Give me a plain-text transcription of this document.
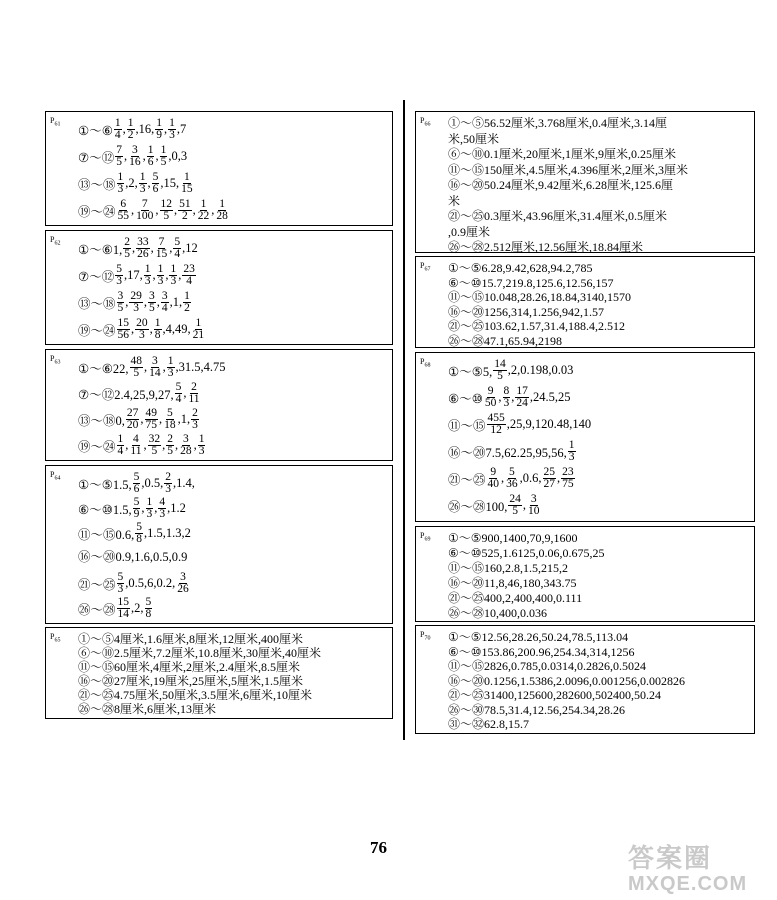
$P_{61}$ ①～⑥ $\frac{1}{4}$ , $\frac{1}{2} ,16$, $\frac{1}{9}$ , $\frac{1}{3} ,7$
⑦～⑫ $\frac{7}{5}$ , $\frac{3}{16}$ , $\frac{1}{6}$ , $\frac{1}{5} ,0,3$
⑬～⑱ $\frac{1}{3} ,2$, $\frac{1}{3}$ , $\frac{5}{6} ,15$, $\frac{1}{15}$
⑲～㉔ $\frac{6}{55}$ , $\frac{7}{100}$ , $\frac{12}{5}$ , $\frac{51}{2}$ , $\frac{1}{22}$ , $\frac{1}{28}$
$P_{62}$ ①～⑥1, $\frac{2}{5}$ , $\frac{33}{26}$ , $\frac{7}{15}$ , $\frac{5}{4} ,12$
⑦～⑫ $\frac{5}{3} ,17$, $\frac{1}{3}$ , $\frac{1}{3}$ , $\frac{1}{3}$ , $\frac{23}{4}$
⑬～⑱ $\frac{3}{5}$ , $\frac{29}{3}$ , $\frac{3}{5}$ , $\frac{3}{4} ,1$, $\frac{1}{2}$
⑲～㉔ $\frac{15}{56}$ , $\frac{20}{3}$ , $\frac{1}{8} ,4,49$, $\frac{1}{21}$
$P_{63}$ ①～⑥22, $\frac{48}{5}$ , $\frac{3}{14}$ , $\frac{1}{3} ,31.5,4.75$
⑦～⑫2.4,25,9,27, $\frac{5}{4}$ , $\frac{2}{11}$
⑬～⑱0, $\frac{27}{20}$ , $\frac{49}{75}$ , $\frac{5}{18} ,1$, $\frac{2}{3}$
⑲～㉔ $\frac{1}{4}$ , $\frac{4}{11}$ , $\frac{32}{5}$ , $\frac{2}{5}$ , $\frac{3}{28}$ , $\frac{1}{3}$
$P_{64}$ ①～⑤1.5, $\frac{5}{6} ,0.5$, $\frac{2}{3} ,1.4$,
⑥～⑩1.5, $\frac{5}{9}$ , $\frac{1}{3}$ , $\frac{4}{3} ,1.2$
⑪～⑮0.6, $\frac{5}{8} ,1.5,1.3,2$
⑯～⑳0.9,1.6,0.5,0.9
㉑～㉕ $\frac{5}{3} ,0.5,6,0.2$, $\frac{3}{26}$
㉖～㉘ $\frac{15}{14} ,2$, $\frac{5}{8}$
$P_{65}$ ①～⑤4厘米,1.6厘米,8厘米,12厘米,400厘米
⑥～⑩2.5厘米,7.2厘米,10.8厘米,30厘米,40厘米
⑪～⑮60厘米,4厘米,2厘米,2.4厘米,8.5厘米
⑯～⑳27厘米,19厘米,25厘米,5厘米,1.5厘米
㉑～㉕4.75厘米,50厘米,3.5厘米,6厘米,10厘米
㉖～㉘8厘米,6厘米,13厘米
$P_{66}$ ①～⑤56.52厘米,3.768厘米,0.4厘米,3.14厘
米,50厘米
⑥～⑩0.1厘米,20厘米,1厘米,9厘米,0.25厘米
⑪～⑮150厘米,4.5厘米,4.396厘米,2厘米,3厘米
⑯～⑳50.24厘米,9.42厘米,6.28厘米,125.6厘
米
㉑～㉕0.3厘米,43.96厘米,31.4厘米,0.5厘米
,0.9厘米
㉖～㉘2.512厘米,12.56厘米,18.84厘米
$P_{67}$ ①～⑤6.28,9.42,628,94.2,785
⑥～⑩15.7,219.8,125.6,12.56,157
⑪～⑮10.048,28.26,18.84,3140,1570
⑯～⑳1256,314,1.256,942,1.57
㉑～㉕103.62,1.57,31.4,188.4,2.512
㉖～㉘47.1,65.94,2198
$P_{68}$ ①～⑤5, $\frac{14}{5} ,2,0.198,0.03$
⑥～⑩ $\frac{9}{50}$ , $\frac{8}{3}$ , $\frac{17}{24} ,24.5,25$
⑪～⑮ $\frac{455}{12} ,25,9,120.48,140$
⑯～⑳7.5,62.25,95,56, $\frac{1}{3}$
㉑～㉕ $\frac{9}{40}$ , $\frac{5}{36} ,0.6$, $\frac{25}{27}$ , $\frac{23}{75}$
㉖～㉘100, $\frac{24}{5}$ , $\frac{3}{10}$
$P_{69}$ ①～⑤900,1400,70,9,1600
⑥～⑩525,1.6125,0.06,0.675,25
⑪～⑮160,2.8,1.5,215,2
⑯～⑳11,8,46,180,343.75
㉑～㉕400,2,400,400,0.111
㉖～㉘10,400,0.036
$P_{70}$ ①～⑤12.56,28.26,50.24,78.5,113.04
⑥～⑩153.86,200.96,254.34,314,1256
⑪～⑮2826,0.785,0.0314,0.2826,0.5024
⑯～⑳0.1256,1.5386,2.0096,0.001256,0.002826
㉑～㉕31400,125600,282600,502400,50.24
㉖～㉚78.5,31.4,12.56,254.34,28.26
㉛～㉜62.8,15.7
76	答案圈
MXQE.COM
